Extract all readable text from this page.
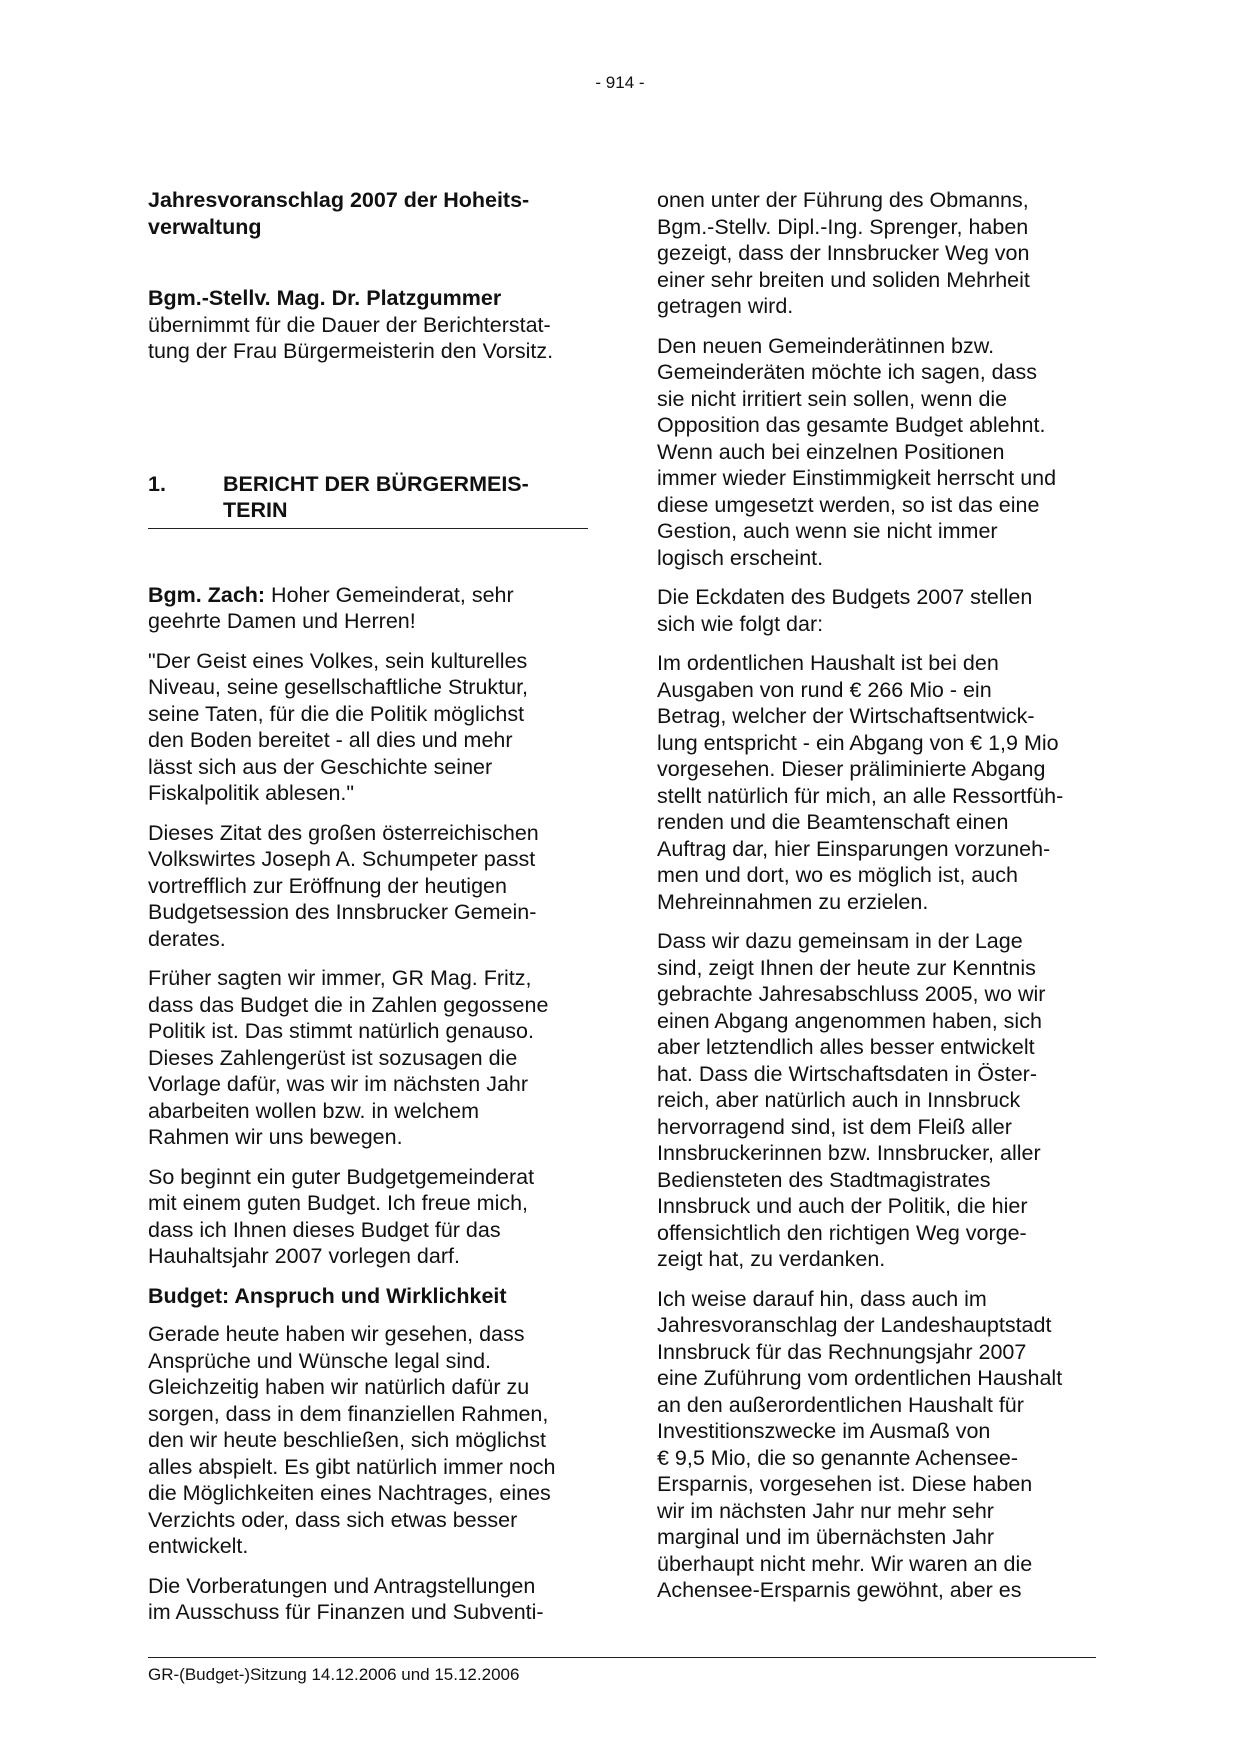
- 914 -

Jahresvoranschlag 2007 der Hoheits-
verwaltung

Bgm.-Stellv. Mag. Dr. Platzgummer

übernimmt für die Dauer der Berichterstat-
tung der Frau Bürgermeisterin den Vorsitz.

1.	BERICHT DER BÜRGERMEIS-
TERIN

Bgm. Zach: Hoher Gemeinderat, sehr
geehrte Damen und Herren!

"Der Geist eines Volkes, sein kulturelles
Niveau, seine gesellschaftliche Struktur,
seine Taten, für die die Politik möglichst
den Boden bereitet - all dies und mehr
lässt sich aus der Geschichte seiner
Fiskalpolitik ablesen."

Dieses Zitat des großen österreichischen
Volkswirtes Joseph A. Schumpeter passt
vortrefflich zur Eröffnung der heutigen
Budgetsession des Innsbrucker Gemein-
derates.

Früher sagten wir immer, GR Mag. Fritz,
dass das Budget die in Zahlen gegossene
Politik ist. Das stimmt natürlich genauso.
Dieses Zahlengerüst ist sozusagen die
Vorlage dafür, was wir im nächsten Jahr
abarbeiten wollen bzw. in welchem
Rahmen wir uns bewegen.

So beginnt ein guter Budgetgemeinderat
mit einem guten Budget. Ich freue mich,
dass ich Ihnen dieses Budget für das
Hauhaltsjahr 2007 vorlegen darf.

Budget: Anspruch und Wirklichkeit

Gerade heute haben wir gesehen, dass
Ansprüche und Wünsche legal sind.
Gleichzeitig haben wir natürlich dafür zu
sorgen, dass in dem finanziellen Rahmen,
den wir heute beschließen, sich möglichst
alles abspielt. Es gibt natürlich immer noch
die Möglichkeiten eines Nachtrages, eines
Verzichts oder, dass sich etwas besser
entwickelt.

Die Vorberatungen und Antragstellungen
im Ausschuss für Finanzen und Subventi-

onen unter der Führung des Obmanns,
Bgm.-Stellv. Dipl.-Ing. Sprenger, haben
gezeigt, dass der Innsbrucker Weg von
einer sehr breiten und soliden Mehrheit
getragen wird.

Den neuen Gemeinderätinnen bzw.
Gemeinderäten möchte ich sagen, dass
sie nicht irritiert sein sollen, wenn die
Opposition das gesamte Budget ablehnt.
Wenn auch bei einzelnen Positionen
immer wieder Einstimmigkeit herrscht und
diese umgesetzt werden, so ist das eine
Gestion, auch wenn sie nicht immer
logisch erscheint.

Die Eckdaten des Budgets 2007 stellen
sich wie folgt dar:

Im ordentlichen Haushalt ist bei den
Ausgaben von rund € 266 Mio - ein
Betrag, welcher der Wirtschaftsentwick-
lung entspricht - ein Abgang von € 1,9 Mio
vorgesehen. Dieser präliminierte Abgang
stellt natürlich für mich, an alle Ressortfüh-
renden und die Beamtenschaft einen
Auftrag dar, hier Einsparungen vorzuneh-
men und dort, wo es möglich ist, auch
Mehreinnahmen zu erzielen.

Dass wir dazu gemeinsam in der Lage
sind, zeigt Ihnen der heute zur Kenntnis
gebrachte Jahresabschluss 2005, wo wir
einen Abgang angenommen haben, sich
aber letztendlich alles besser entwickelt
hat. Dass die Wirtschaftsdaten in Öster-
reich, aber natürlich auch in Innsbruck
hervorragend sind, ist dem Fleiß aller
Innsbruckerinnen bzw. Innsbrucker, aller
Bediensteten des Stadtmagistrates
Innsbruck und auch der Politik, die hier
offensichtlich den richtigen Weg vorge-
zeigt hat, zu verdanken.

Ich weise darauf hin, dass auch im
Jahresvoranschlag der Landeshauptstadt
Innsbruck für das Rechnungsjahr 2007
eine Zuführung vom ordentlichen Haushalt
an den außerordentlichen Haushalt für
Investitionszwecke im Ausmaß von
€ 9,5 Mio, die so genannte Achensee-
Ersparnis, vorgesehen ist. Diese haben
wir im nächsten Jahr nur mehr sehr
marginal und im übernächsten Jahr
überhaupt nicht mehr. Wir waren an die
Achensee-Ersparnis gewöhnt, aber es

GR-(Budget-)Sitzung 14.12.2006 und 15.12.2006
